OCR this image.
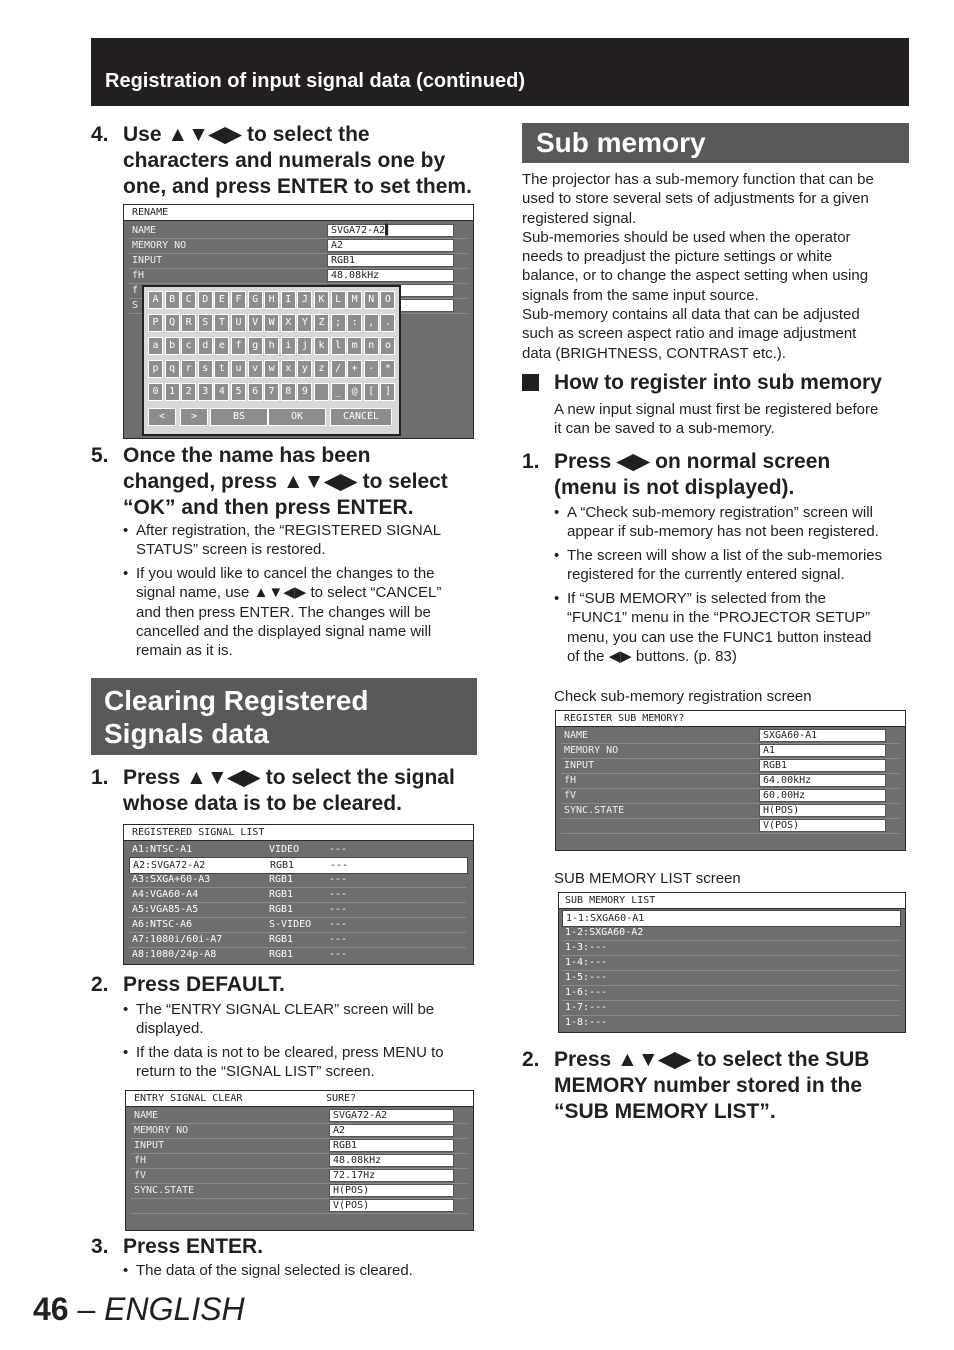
Registration of input signal data (continued)
4. Use ▲▼◀▶ to select the
characters and numerals one by
one, and press ENTER to set them.
RENAME
NAME	SVGA72-A2▌
MEMORY NO	A2
INPUT	RGB1
fH	48.08kHz
f
S
A	B	C	D	E	F	G	H	I	J	K	L	M	N	O
P	Q	R	S	T	U	V	W	X	Y	Z	;	:	,	.
a	b	c	d	e	f	g	h	i	j	k	l	m	n	o
p	q	r	s	t	u	v	w	x	y	z	/	+	-	*
0	1	2	3	4	5	6	7	8	9	_	@	[	]
<	>	BS	OK	CANCEL
5. Once the name has been
changed, press ▲▼◀▶ to select
“OK” and then press ENTER.
• After registration, the “REGISTERED SIGNAL
STATUS” screen is restored.
• If you would like to cancel the changes to the
signal name, use ▲▼◀▶ to select “CANCEL”
and then press ENTER. The changes will be
cancelled and the displayed signal name will
remain as it is.
Clearing Registered
Signals data
1. Press ▲▼◀▶ to select the signal
whose data is to be cleared.
REGISTERED SIGNAL LIST
A1:NTSC-A1	VIDEO	---
A2:SVGA72-A2	RGB1	---
A3:SXGA+60-A3	RGB1	---
A4:VGA60-A4	RGB1	---
A5:VGA85-A5	RGB1	---
A6:NTSC-A6	S-VIDEO ---
A7:1080i/60i-A7	RGB1	---
A8:1080/24p-A8	RGB1	---
2. Press DEFAULT.
• The “ENTRY SIGNAL CLEAR” screen will be
displayed.
• If the data is not to be cleared, press MENU to
return to the “SIGNAL LIST” screen.
ENTRY SIGNAL CLEAR	SURE?
NAME	SVGA72-A2
MEMORY NO	A2
INPUT	RGB1
fH	48.08kHz
fV	72.17Hz
SYNC.STATE	H(POS)
V(POS)
3. Press ENTER.
• The data of the signal selected is cleared.
Sub memory
The projector has a sub-memory function that can be
used to store several sets of adjustments for a given
registered signal.
Sub-memories should be used when the operator
needs to preadjust the picture settings or white
balance, or to change the aspect setting when using
signals from the same input source.
Sub-memory contains all data that can be adjusted
such as screen aspect ratio and image adjustment
data (BRIGHTNESS, CONTRAST etc.).
How to register into sub memory
A new input signal must first be registered before
it can be saved to a sub-memory.
1. Press ◀▶ on normal screen
(menu is not displayed).
• A “Check sub-memory registration” screen will
appear if sub-memory has not been registered.
• The screen will show a list of the sub-memories
registered for the currently entered signal.
• If “SUB MEMORY” is selected from the
“FUNC1” menu in the “PROJECTOR SETUP”
menu, you can use the FUNC1 button instead
of the ◀▶ buttons. (p. 83)
Check sub-memory registration screen
REGISTER SUB MEMORY?
NAME	SXGA60-A1
MEMORY NO	A1
INPUT	RGB1
fH	64.00kHz
fV	60.00Hz
SYNC.STATE	H(POS)
V(POS)
SUB MEMORY LIST screen
SUB MEMORY LIST
1-1:SXGA60-A1
1-2:SXGA60-A2
1-3:---
1-4:---
1-5:---
1-6:---
1-7:---
1-8:---
2. Press ▲▼◀▶ to select the SUB
MEMORY number stored in the
“SUB MEMORY LIST”.
46 – ENGLISH
